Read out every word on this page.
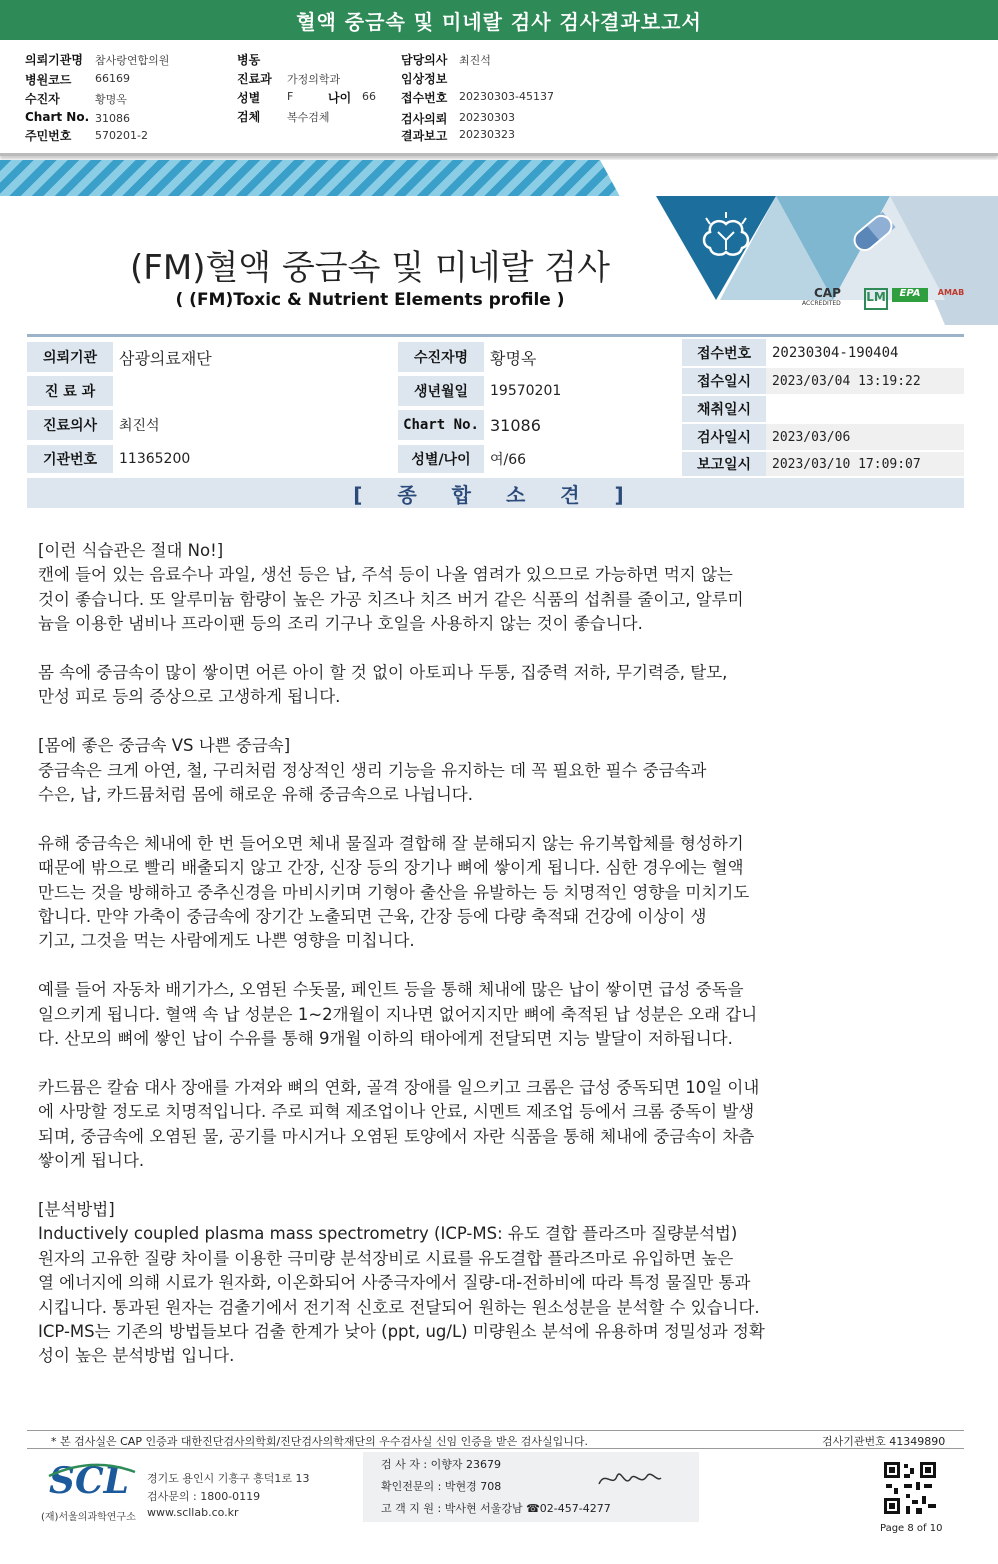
혈액 중금속 및 미네랄 검사 검사결과보고서
의뢰기관명 참사랑연합의원
병원코드 66169
수진자	황명옥
Chart No. 31086
주민번호 570201-2
병동
진료과 가정의학과
성별 F	나이 66
검체 복수검체
담당의사 최진석
임상정보
접수번호 20230303-45137
검사의뢰 20230303
결과보고 20230323
CAP
ACCREDITED LM	EPA	AMAB
(FM)혈액 중금속 및 미네랄 검사
( (FM)Toxic & Nutrient Elements profile )
의뢰기관	삼광의료재단
진 료 과
진료의사	최진석
기관번호	11365200
수진자명	황명옥
생년월일	19570201
Chart No. 31086
성별/나이	여/66
접수번호	20230304-190404
접수일시	2023/03/04 13:19:22
채취일시
검사일시	2023/03/06
보고일시	2023/03/10 17:09:07
[ 종 합 소 견 ]

[이런 식습관은 절대 No!]
캔에 들어 있는 음료수나 과일, 생선 등은 납, 주석 등이 나올 염려가 있으므로 가능하면 먹지 않는
것이 좋습니다. 또 알루미늄 함량이 높은 가공 치즈나 치즈 버거 같은 식품의 섭취를 줄이고, 알루미
늄을 이용한 냄비나 프라이팬 등의 조리 기구나 호일을 사용하지 않는 것이 좋습니다.

몸 속에 중금속이 많이 쌓이면 어른 아이 할 것 없이 아토피나 두통, 집중력 저하, 무기력증, 탈모,
만성 피로 등의 증상으로 고생하게 됩니다.

[몸에 좋은 중금속 VS 나쁜 중금속]
중금속은 크게 아연, 철, 구리처럼 정상적인 생리 기능을 유지하는 데 꼭 필요한 필수 중금속과
수은, 납, 카드뮴처럼 몸에 해로운 유해 중금속으로 나뉩니다.

유해 중금속은 체내에 한 번 들어오면 체내 물질과 결합해 잘 분해되지 않는 유기복합체를 형성하기
때문에 밖으로 빨리 배출되지 않고 간장, 신장 등의 장기나 뼈에 쌓이게 됩니다. 심한 경우에는 혈액
만드는 것을 방해하고 중추신경을 마비시키며 기형아 출산을 유발하는 등 치명적인 영향을 미치기도
합니다. 만약 가축이 중금속에 장기간 노출되면 근육, 간장 등에 다량 축적돼 건강에 이상이 생
기고, 그것을 먹는 사람에게도 나쁜 영향을 미칩니다.

예를 들어 자동차 배기가스, 오염된 수돗물, 페인트 등을 통해 체내에 많은 납이 쌓이면 급성 중독을
일으키게 됩니다. 혈액 속 납 성분은 1~2개월이 지나면 없어지지만 뼈에 축적된 납 성분은 오래 갑니
다. 산모의 뼈에 쌓인 납이 수유를 통해 9개월 이하의 태아에게 전달되면 지능 발달이 저하됩니다.

카드뮴은 칼슘 대사 장애를 가져와 뼈의 연화, 골격 장애를 일으키고 크롬은 급성 중독되면 10일 이내
에 사망할 정도로 치명적입니다. 주로 피혁 제조업이나 안료, 시멘트 제조업 등에서 크롬 중독이 발생
되며, 중금속에 오염된 물, 공기를 마시거나 오염된 토양에서 자란 식품을 통해 체내에 중금속이 차츰
쌓이게 됩니다.

[분석방법]
Inductively coupled plasma mass spectrometry (ICP-MS: 유도 결합 플라즈마 질량분석법)
원자의 고유한 질량 차이를 이용한 극미량 분석장비로 시료를 유도결합 플라즈마로 유입하면 높은
열 에너지에 의해 시료가 원자화, 이온화되어 사중극자에서 질량-대-전하비에 따라 특정 물질만 통과
시킵니다. 통과된 원자는 검출기에서 전기적 신호로 전달되어 원하는 원소성분을 분석할 수 있습니다.
ICP-MS는 기존의 방법들보다 검출 한계가 낮아 (ppt, ug/L) 미량원소 분석에 유용하며 정밀성과 정확
성이 높은 분석방법 입니다.

* 본 검사실은 CAP 인증과 대한진단검사의학회/진단검사의학재단의 우수검사실 신임 인증을 받은 검사실입니다.	검사기관번호 41349890
SCL
(재)서울의과학연구소
경기도 용인시 기흥구 흥덕1로 13
검사문의 : 1800-0119
www.scllab.co.kr
검 사 자 : 이향자 23679
확인전문의 : 박현경 708
고 객 지 원 : 박사현 서울강남 ☎02-457-4277
Page 8 of 10
